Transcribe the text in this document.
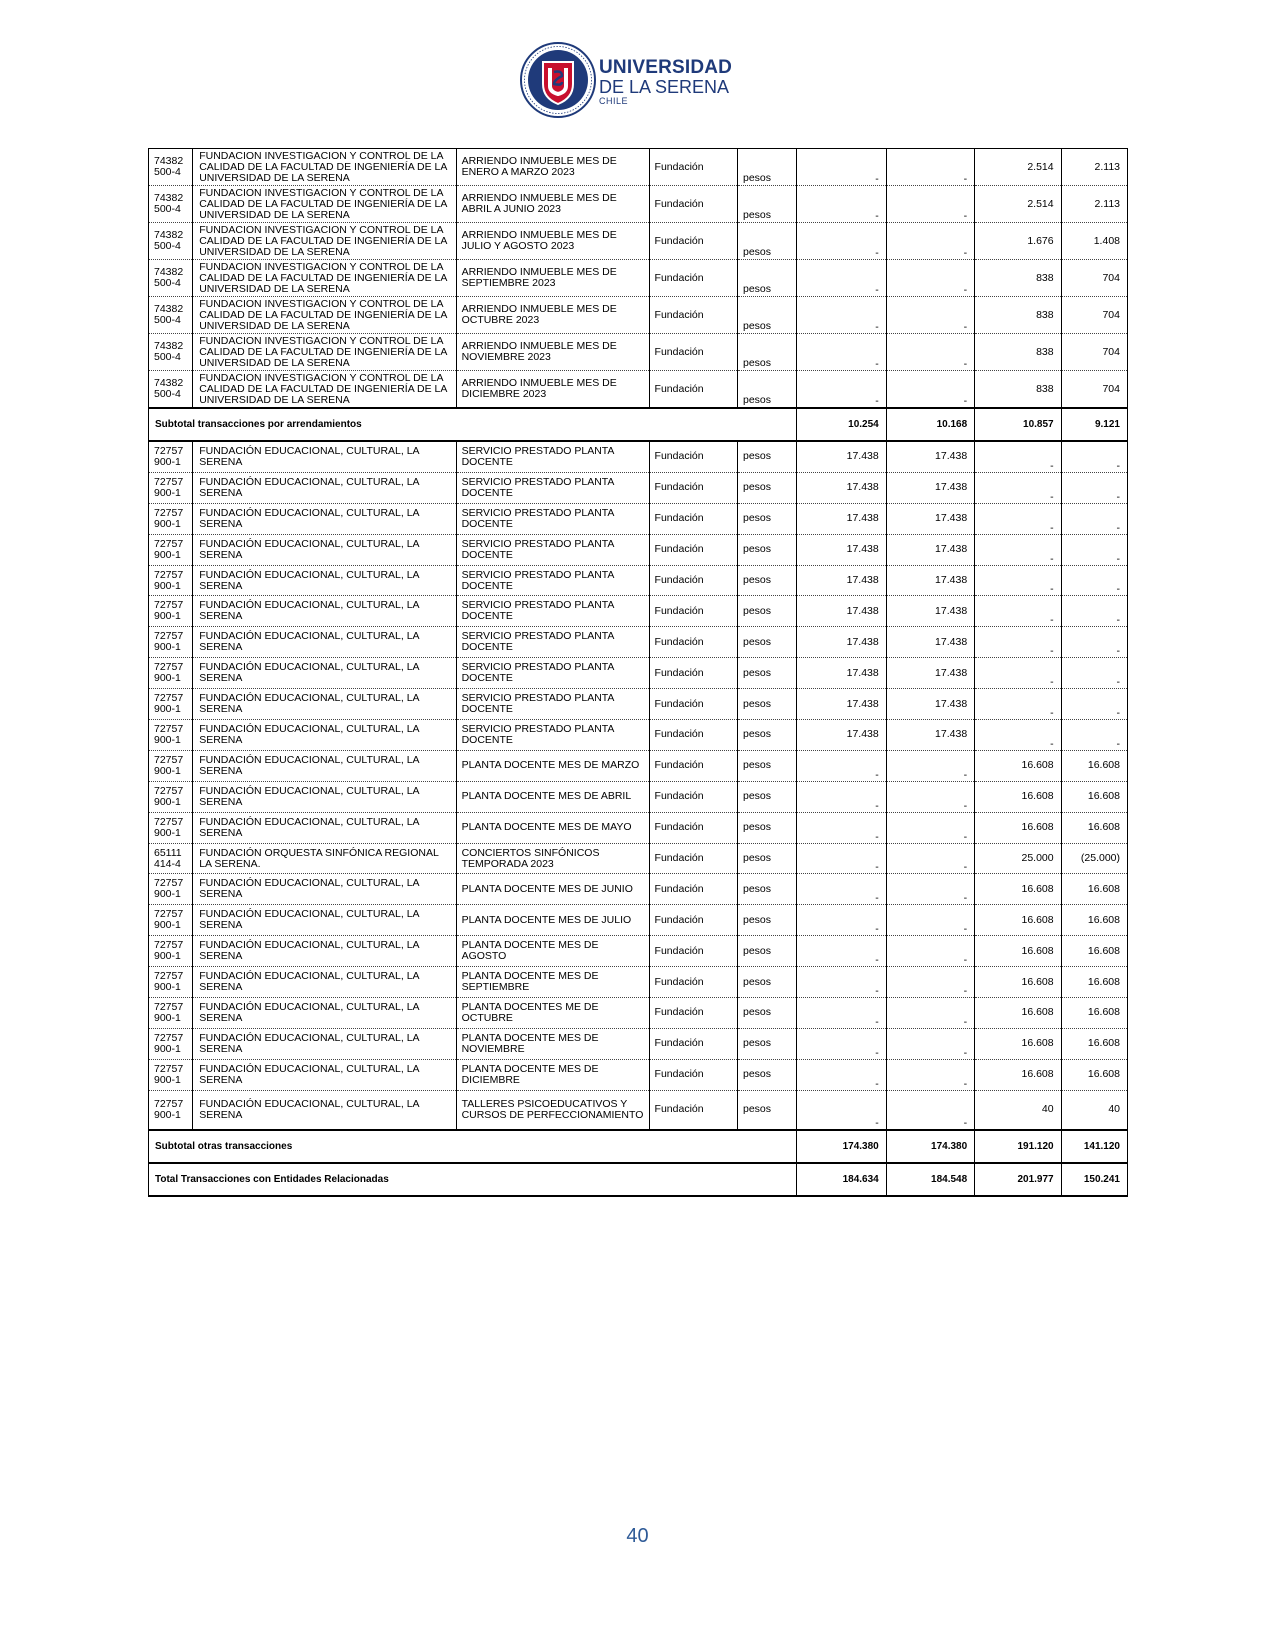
UNIVERSIDAD
DE LA SERENA
CHILE
74382 500-4	FUNDACION INVESTIGACION Y CONTROL DE LA CALIDAD DE LA FACULTAD DE INGENIERÍA DE LA UNIVERSIDAD DE LA SERENA	ARRIENDO INMUEBLE MES DE ENERO A MARZO 2023	Fundación	pesos	-	-	2.514	2.113
74382 500-4	FUNDACION INVESTIGACION Y CONTROL DE LA CALIDAD DE LA FACULTAD DE INGENIERÍA DE LA UNIVERSIDAD DE LA SERENA	ARRIENDO INMUEBLE MES DE ABRIL A JUNIO 2023	Fundación	pesos	-	-	2.514	2.113
74382 500-4	FUNDACION INVESTIGACION Y CONTROL DE LA CALIDAD DE LA FACULTAD DE INGENIERÍA DE LA UNIVERSIDAD DE LA SERENA	ARRIENDO INMUEBLE MES DE JULIO Y AGOSTO 2023	Fundación	pesos	-	-	1.676	1.408
74382 500-4	FUNDACION INVESTIGACION Y CONTROL DE LA CALIDAD DE LA FACULTAD DE INGENIERÍA DE LA UNIVERSIDAD DE LA SERENA	ARRIENDO INMUEBLE MES DE SEPTIEMBRE 2023	Fundación	pesos	-	-	838	704
74382 500-4	FUNDACION INVESTIGACION Y CONTROL DE LA CALIDAD DE LA FACULTAD DE INGENIERÍA DE LA UNIVERSIDAD DE LA SERENA	ARRIENDO INMUEBLE MES DE OCTUBRE 2023	Fundación	pesos	-	-	838	704
74382 500-4	FUNDACION INVESTIGACION Y CONTROL DE LA CALIDAD DE LA FACULTAD DE INGENIERÍA DE LA UNIVERSIDAD DE LA SERENA	ARRIENDO INMUEBLE MES DE NOVIEMBRE 2023	Fundación	pesos	-	-	838	704
74382 500-4	FUNDACION INVESTIGACION Y CONTROL DE LA CALIDAD DE LA FACULTAD DE INGENIERÍA DE LA UNIVERSIDAD DE LA SERENA	ARRIENDO INMUEBLE MES DE DICIEMBRE 2023	Fundación	pesos	-	-	838	704
Subtotal transacciones por arrendamientos					10.254	10.168	10.857	9.121
72757 900-1	FUNDACIÓN EDUCACIONAL, CULTURAL, LA SERENA	SERVICIO PRESTADO PLANTA DOCENTE	Fundación	pesos	17.438	17.438	-	-
72757 900-1	FUNDACIÓN EDUCACIONAL, CULTURAL, LA SERENA	SERVICIO PRESTADO PLANTA DOCENTE	Fundación	pesos	17.438	17.438	-	-
72757 900-1	FUNDACIÓN EDUCACIONAL, CULTURAL, LA SERENA	SERVICIO PRESTADO PLANTA DOCENTE	Fundación	pesos	17.438	17.438	-	-
72757 900-1	FUNDACIÓN EDUCACIONAL, CULTURAL, LA SERENA	SERVICIO PRESTADO PLANTA DOCENTE	Fundación	pesos	17.438	17.438	-	-
72757 900-1	FUNDACIÓN EDUCACIONAL, CULTURAL, LA SERENA	SERVICIO PRESTADO PLANTA DOCENTE	Fundación	pesos	17.438	17.438	-	-
72757 900-1	FUNDACIÓN EDUCACIONAL, CULTURAL, LA SERENA	SERVICIO PRESTADO PLANTA DOCENTE	Fundación	pesos	17.438	17.438	-	-
72757 900-1	FUNDACIÓN EDUCACIONAL, CULTURAL, LA SERENA	SERVICIO PRESTADO PLANTA DOCENTE	Fundación	pesos	17.438	17.438	-	-
72757 900-1	FUNDACIÓN EDUCACIONAL, CULTURAL, LA SERENA	SERVICIO PRESTADO PLANTA DOCENTE	Fundación	pesos	17.438	17.438	-	-
72757 900-1	FUNDACIÓN EDUCACIONAL, CULTURAL, LA SERENA	SERVICIO PRESTADO PLANTA DOCENTE	Fundación	pesos	17.438	17.438	-	-
72757 900-1	FUNDACIÓN EDUCACIONAL, CULTURAL, LA SERENA	SERVICIO PRESTADO PLANTA DOCENTE	Fundación	pesos	17.438	17.438	-	-
72757 900-1	FUNDACIÓN EDUCACIONAL, CULTURAL, LA SERENA	PLANTA DOCENTE MES DE MARZO	Fundación	pesos	-	-	16.608	16.608
72757 900-1	FUNDACIÓN EDUCACIONAL, CULTURAL, LA SERENA	PLANTA DOCENTE MES DE ABRIL	Fundación	pesos	-	-	16.608	16.608
72757 900-1	FUNDACIÓN EDUCACIONAL, CULTURAL, LA SERENA	PLANTA DOCENTE MES DE MAYO	Fundación	pesos	-	-	16.608	16.608
65111 414-4	FUNDACIÓN ORQUESTA SINFÓNICA REGIONAL LA SERENA.	CONCIERTOS SINFÓNICOS TEMPORADA 2023	Fundación	pesos	-	-	25.000	(25.000)
72757 900-1	FUNDACIÓN EDUCACIONAL, CULTURAL, LA SERENA	PLANTA DOCENTE MES DE JUNIO	Fundación	pesos	-	-	16.608	16.608
72757 900-1	FUNDACIÓN EDUCACIONAL, CULTURAL, LA SERENA	PLANTA DOCENTE MES DE JULIO	Fundación	pesos	-	-	16.608	16.608
72757 900-1	FUNDACIÓN EDUCACIONAL, CULTURAL, LA SERENA	PLANTA DOCENTE MES DE AGOSTO	Fundación	pesos	-	-	16.608	16.608
72757 900-1	FUNDACIÓN EDUCACIONAL, CULTURAL, LA SERENA	PLANTA DOCENTE MES DE SEPTIEMBRE	Fundación	pesos	-	-	16.608	16.608
72757 900-1	FUNDACIÓN EDUCACIONAL, CULTURAL, LA SERENA	PLANTA DOCENTES ME DE OCTUBRE	Fundación	pesos	-	-	16.608	16.608
72757 900-1	FUNDACIÓN EDUCACIONAL, CULTURAL, LA SERENA	PLANTA DOCENTE MES DE NOVIEMBRE	Fundación	pesos	-	-	16.608	16.608
72757 900-1	FUNDACIÓN EDUCACIONAL, CULTURAL, LA SERENA	PLANTA DOCENTE MES DE DICIEMBRE	Fundación	pesos	-	-	16.608	16.608
72757 900-1	FUNDACIÓN EDUCACIONAL, CULTURAL, LA SERENA	TALLERES PSICOEDUCATIVOS Y CURSOS DE PERFECCIONAMIENTO	Fundación	pesos	-	-	40	40
Subtotal otras transacciones					174.380	174.380	191.120	141.120
Total Transacciones con Entidades Relacionadas					184.634	184.548	201.977	150.241
40
